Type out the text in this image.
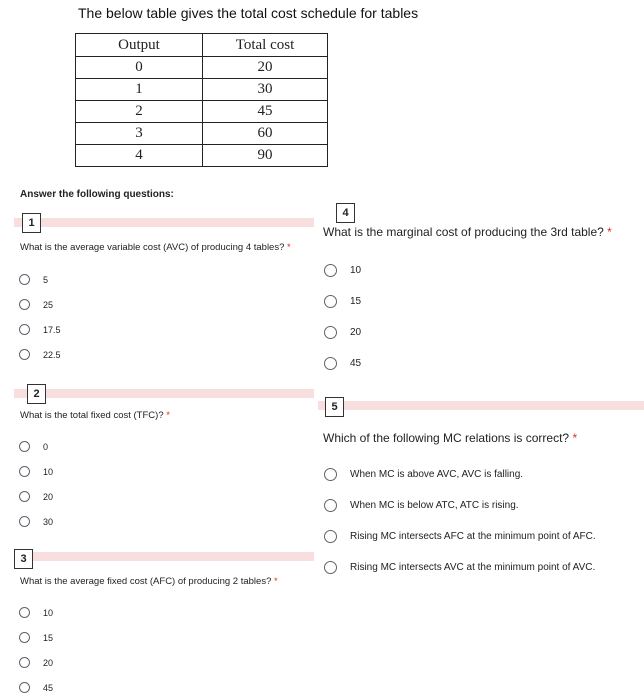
The below table gives the total cost schedule for tables
Output	Total cost
0	20
1	30
2	45
3	60
4	90
Answer the following questions:
1
What is the average variable cost (AVC) of producing 4 tables? *
5
25
17.5
22.5
2
What is the total fixed cost (TFC)? *
0
10
20
30
3
What is the average fixed cost (AFC) of producing 2 tables? *
10
15
20
45
4
What is the marginal cost of producing the 3rd table? *
10
15
20
45
5
Which of the following MC relations is correct? *
When MC is above AVC, AVC is falling.
When MC is below ATC, ATC is rising.
Rising MC intersects AFC at the minimum point of AFC.
Rising MC intersects AVC at the minimum point of AVC.
